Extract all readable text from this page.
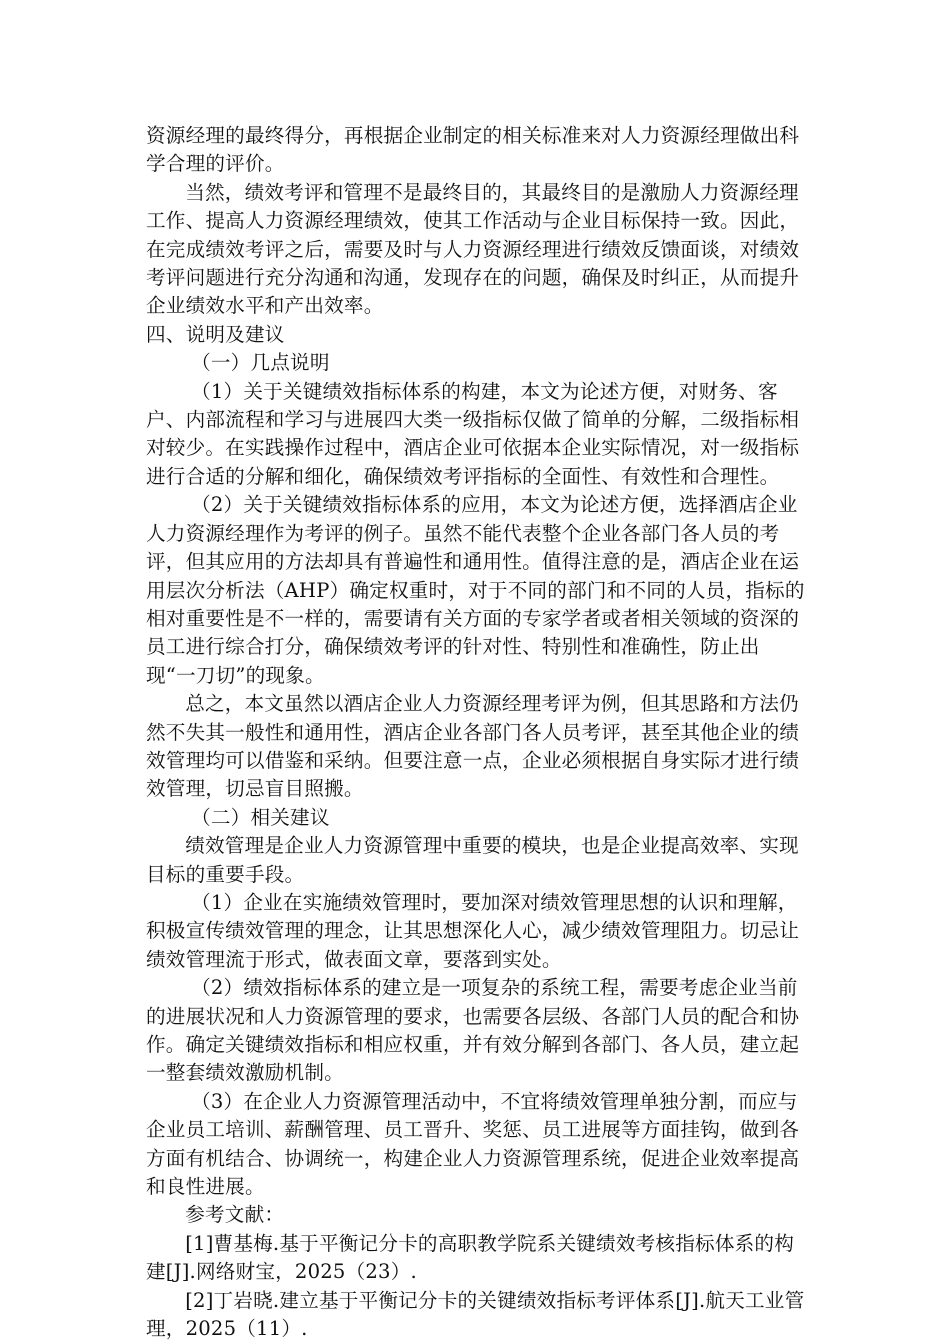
资源经理的最终得分，再根据企业制定的相关标准来对人力资源经理做出科学合理的评价。

当然，绩效考评和管理不是最终目的，其最终目的是激励人力资源经理工作、提高人力资源经理绩效，使其工作活动与企业目标保持一致。因此，在完成绩效考评之后，需要及时与人力资源经理进行绩效反馈面谈，对绩效考评问题进行充分沟通和沟通，发现存在的问题，确保及时纠正，从而提升企业绩效水平和产出效率。

四、说明及建议

（一）几点说明

（1）关于关键绩效指标体系的构建，本文为论述方便，对财务、客户、内部流程和学习与进展四大类一级指标仅做了简单的分解，二级指标相对较少。在实践操作过程中，酒店企业可依据本企业实际情况，对一级指标进行合适的分解和细化，确保绩效考评指标的全面性、有效性和合理性。

（2）关于关键绩效指标体系的应用，本文为论述方便，选择酒店企业人力资源经理作为考评的例子。虽然不能代表整个企业各部门各人员的考评，但其应用的方法却具有普遍性和通用性。值得注意的是，酒店企业在运用层次分析法（AHP）确定权重时，对于不同的部门和不同的人员，指标的相对重要性是不一样的，需要请有关方面的专家学者或者相关领域的资深的员工进行综合打分，确保绩效考评的针对性、特别性和准确性，防止出现“一刀切”的现象。

总之，本文虽然以酒店企业人力资源经理考评为例，但其思路和方法仍然不失其一般性和通用性，酒店企业各部门各人员考评，甚至其他企业的绩效管理均可以借鉴和采纳。但要注意一点，企业必须根据自身实际才进行绩效管理，切忌盲目照搬。

（二）相关建议

绩效管理是企业人力资源管理中重要的模块，也是企业提高效率、实现目标的重要手段。

（1）企业在实施绩效管理时，要加深对绩效管理思想的认识和理解，积极宣传绩效管理的理念，让其思想深化人心，减少绩效管理阻力。切忌让绩效管理流于形式，做表面文章，要落到实处。

（2）绩效指标体系的建立是一项复杂的系统工程，需要考虑企业当前的进展状况和人力资源管理的要求，也需要各层级、各部门人员的配合和协作。确定关键绩效指标和相应权重，并有效分解到各部门、各人员，建立起一整套绩效激励机制。

（3）在企业人力资源管理活动中，不宜将绩效管理单独分割，而应与企业员工培训、薪酬管理、员工晋升、奖惩、员工进展等方面挂钩，做到各方面有机结合、协调统一，构建企业人力资源管理系统，促进企业效率提高和良性进展。

参考文献：

[1]曹基梅.基于平衡记分卡的高职教学院系关键绩效考核指标体系的构建[J].网络财宝，2025（23）.

[2]丁岩晓.建立基于平衡记分卡的关键绩效指标考评体系[J].航天工业管理，2025（11）.
